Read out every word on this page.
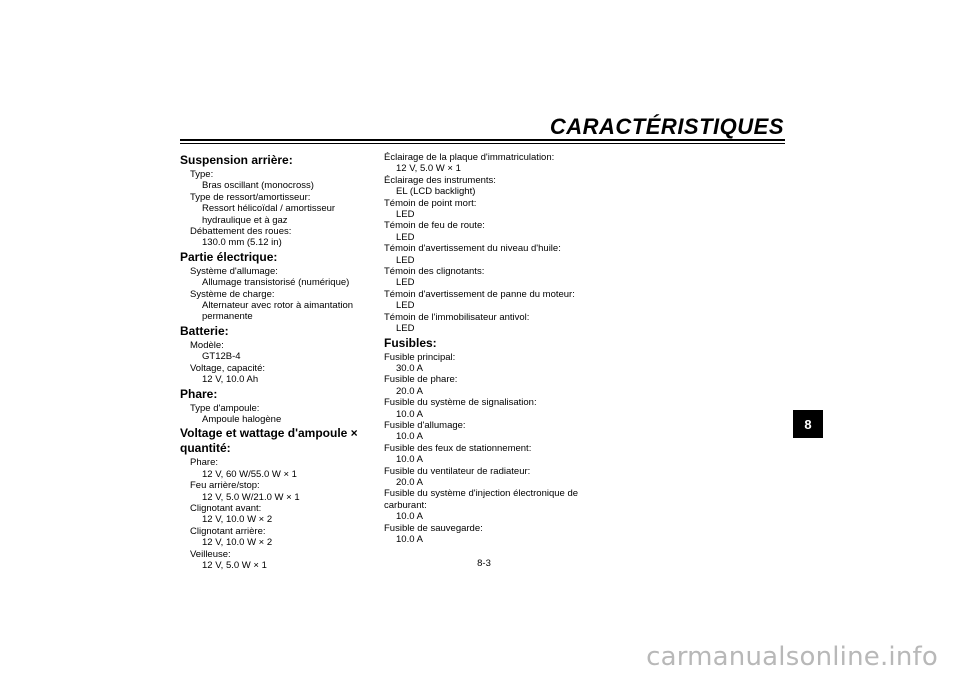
CARACTÉRISTIQUES
Suspension arrière:
Type:
Bras oscillant (monocross)
Type de ressort/amortisseur:
Ressort hélicoïdal / amortisseur
hydraulique et à gaz
Débattement des roues:
130.0 mm (5.12 in)
Partie électrique:
Système d'allumage:
Allumage transistorisé (numérique)
Système de charge:
Alternateur avec rotor à aimantation
permanente
Batterie:
Modèle:
GT12B-4
Voltage, capacité:
12 V, 10.0 Ah
Phare:
Type d'ampoule:
Ampoule halogène
Voltage et wattage d'ampoule × quantité:
Phare:
12 V, 60 W/55.0 W × 1
Feu arrière/stop:
12 V, 5.0 W/21.0 W × 1
Clignotant avant:
12 V, 10.0 W × 2
Clignotant arrière:
12 V, 10.0 W × 2
Veilleuse:
12 V, 5.0 W × 1
Éclairage de la plaque d'immatriculation:
12 V, 5.0 W × 1
Éclairage des instruments:
EL (LCD backlight)
Témoin de point mort:
LED
Témoin de feu de route:
LED
Témoin d'avertissement du niveau d'huile:
LED
Témoin des clignotants:
LED
Témoin d'avertissement de panne du moteur:
LED
Témoin de l'immobilisateur antivol:
LED
Fusibles:
Fusible principal:
30.0 A
Fusible de phare:
20.0 A
Fusible du système de signalisation:
10.0 A
Fusible d'allumage:
10.0 A
Fusible des feux de stationnement:
10.0 A
Fusible du ventilateur de radiateur:
20.0 A
Fusible du système d'injection électronique de
carburant:
10.0 A
Fusible de sauvegarde:
10.0 A
8-3
8
carmanualsonline.info
